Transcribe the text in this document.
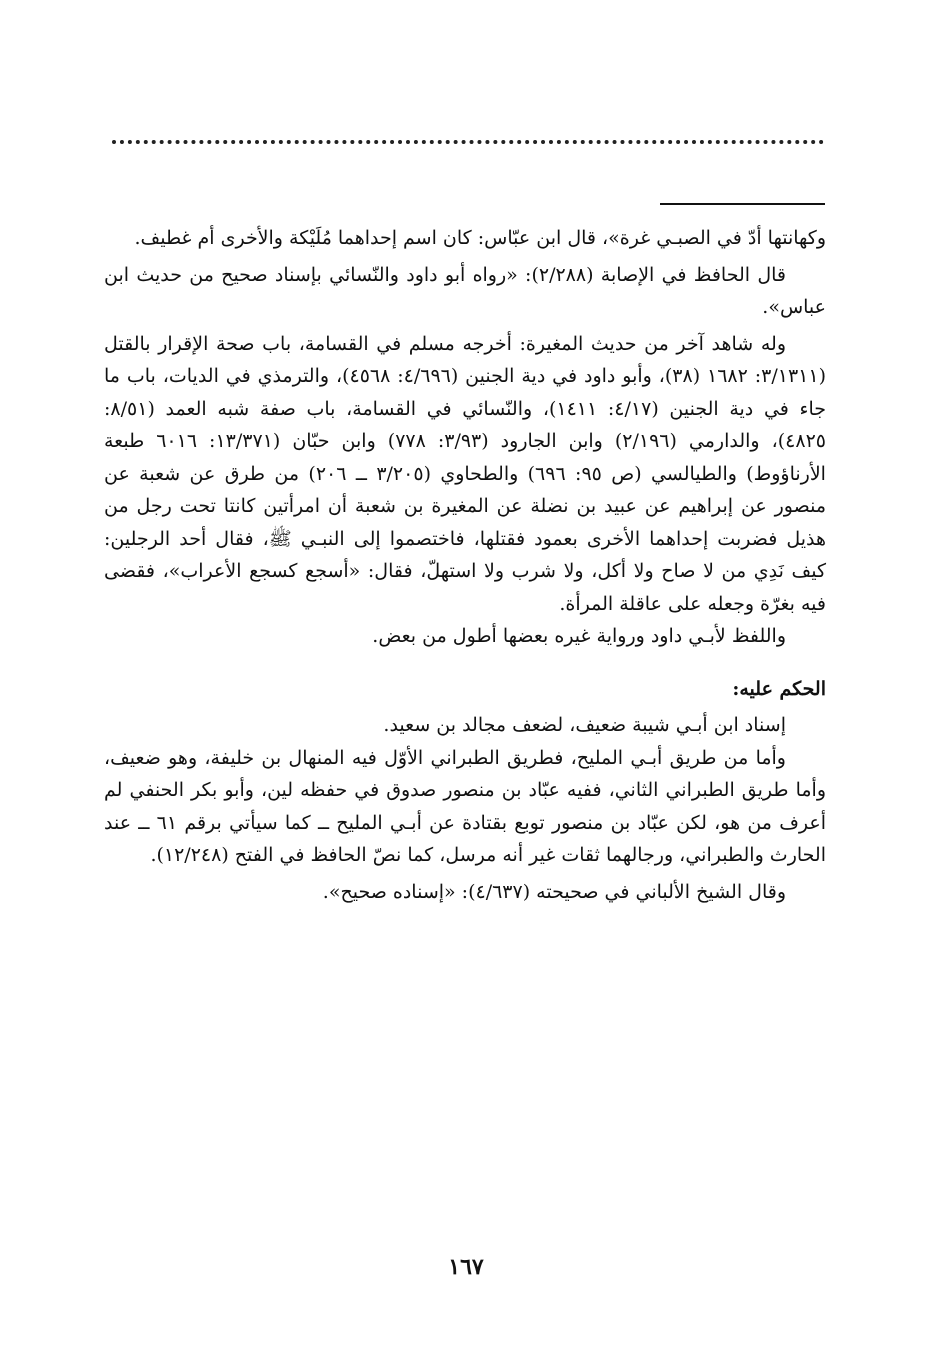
وكهانتها أدّ في الصبـي غرة»، قال ابن عبّاس: كان اسم إحداهما مُلَيْكة والأخرى أم غطيف.

قال الحافظ في الإصابة (٢/٢٨٨): «رواه أبو داود والنّسائي بإسناد صحيح من حديث ابن عباس».

وله شاهد آخر من حديث المغيرة: أخرجه مسلم في القسامة، باب صحة الإقرار بالقتل (٣/١٣١١: ١٦٨٢ (٣٨)، وأبو داود في دية الجنين (٤/٦٩٦: ٤٥٦٨)، والترمذي في الديات، باب ما جاء في دية الجنين (٤/١٧: ١٤١١)، والنّسائي في القسامة، باب صفة شبه العمد (٨/٥١: ٤٨٢٥)، والدارمي (٢/١٩٦) وابن الجارود (٣/٩٣: ٧٧٨) وابن حبّان (١٣/٣٧١: ٦٠١٦ طبعة الأرناؤوط) والطيالسي (ص ٩٥: ٦٩٦) والطحاوي (٣/٢٠٥ ــ ٢٠٦) من طرق عن شعبة عن منصور عن إبراهيم عن عبيد بن نضلة عن المغيرة بن شعبة أن امرأتين كانتا تحت رجل من هذيل فضربت إحداهما الأخرى بعمود فقتلها، فاختصموا إلى النبـي ﷺ، فقال أحد الرجلين: كيف نَدِي من لا صاح ولا أكل، ولا شرب ولا استهلّ، فقال: «أسجع كسجع الأعراب»، فقضى فيه بغرّة وجعله على عاقلة المرأة.

واللفظ لأبـي داود ورواية غيره بعضها أطول من بعض.

الحكم عليه:

إسناد ابن أبـي شيبة ضعيف، لضعف مجالد بن سعيد.

وأما من طريق أبـي المليح، فطريق الطبراني الأوّل فيه المنهال بن خليفة، وهو ضعيف، وأما طريق الطبراني الثاني، ففيه عبّاد بن منصور صدوق في حفظه لين، وأبو بكر الحنفي لم أعرف من هو، لكن عبّاد بن منصور توبع بقتادة عن أبـي المليح ــ كما سيأتي برقم ٦١ ــ عند الحارث والطبراني، ورجالهما ثقات غير أنه مرسل، كما نصّ الحافظ في الفتح (١٢/٢٤٨).

وقال الشيخ الألباني في صحيحته (٤/٦٣٧): «إسناده صحيح».

١٦٧
